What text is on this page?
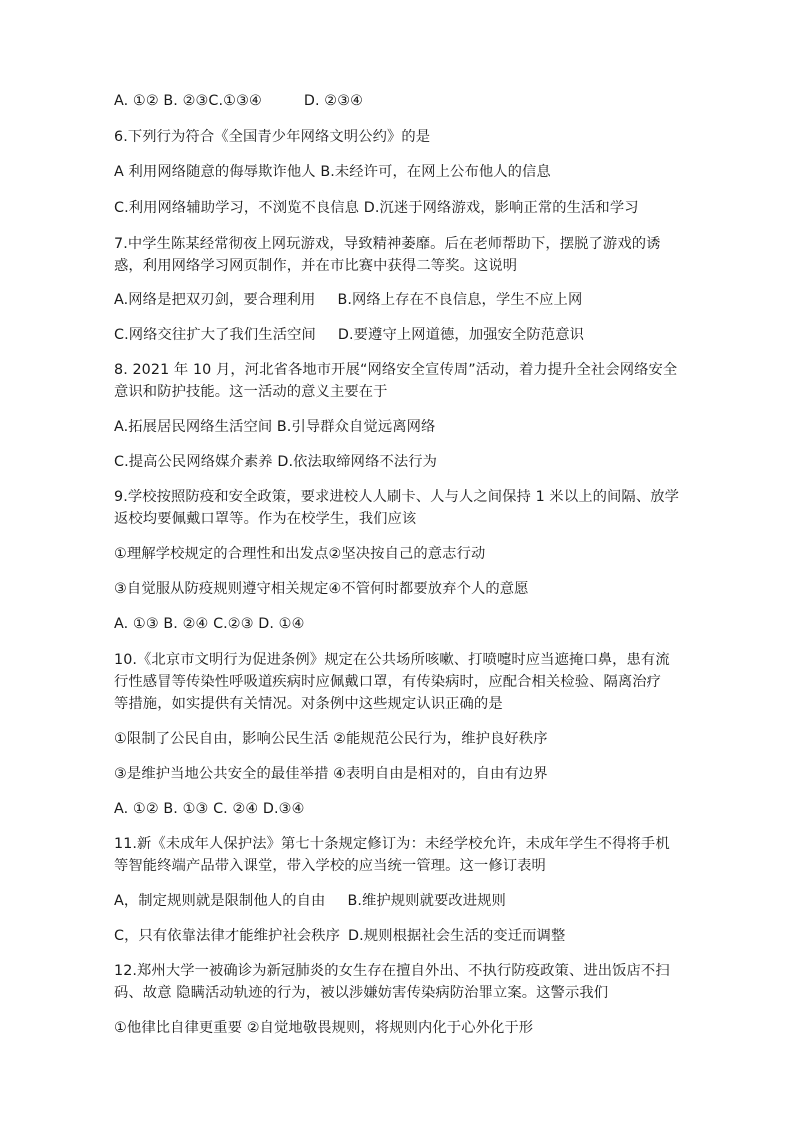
A. ①② B. ②③C.①③④	D. ②③④
6.下列行为符合《全国青少年网络文明公约》的是
A 利用网络随意的侮辱欺诈他人 B.未经许可，在网上公布他人的信息
C.利用网络辅助学习，不浏览不良信息 D.沉迷于网络游戏，影响正常的生活和学习
7.中学生陈某经常彻夜上网玩游戏，导致精神萎靡。后在老师帮助下，摆脱了游戏的诱
惑，利用网络学习网页制作，并在市比赛中获得二等奖。这说明
A.网络是把双刃剑，要合理利用 B.网络上存在不良信息，学生不应上网
C.网络交往扩大了我们生活空间 D.要遵守上网道德，加强安全防范意识
8. 2021 年 10 月，河北省各地市开展“网络安全宣传周”活动，着力提升全社会网络安全
意识和防护技能。这一活动的意义主要在于
A.拓展居民网络生活空间 B.引导群众自觉远离网络
C.提高公民网络媒介素养 D.依法取缔网络不法行为
9.学校按照防疫和安全政策，要求进校人人刷卡、人与人之间保持 1 米以上的间隔、放学
返校均要佩戴口罩等。作为在校学生，我们应该
①理解学校规定的合理性和出发点②坚决按自己的意志行动
③自觉服从防疫规则遵守相关规定④不管何时都要放弃个人的意愿
A. ①③ B. ②④ C.②③ D. ①④
10.《北京市文明行为促进条例》规定在公共场所咳嗽、打喷嚏时应当遮掩口鼻，患有流
行性感冒等传染性呼吸道疾病时应佩戴口罩，有传染病时，应配合相关检验、隔离治疗
等措施，如实提供有关情况。对条例中这些规定认识正确的是
①限制了公民自由，影响公民生活 ②能规范公民行为，维护良好秩序
③是维护当地公共安全的最佳举措 ④表明自由是相对的，自由有边界
A. ①② B. ①③ C. ②④ D.③④
11.新《未成年人保护法》第七十条规定修订为：未经学校允许，未成年学生不得将手机
等智能终端产品带入课堂，带入学校的应当统一管理。这一修订表明
A，制定规则就是限制他人的自由 B.维护规则就要改进规则
C，只有依靠法律才能维护社会秩序 D.规则根据社会生活的变迁而调整
12.郑州大学一被确诊为新冠肺炎的女生存在擅自外出、不执行防疫政策、进出饭店不扫
码、故意 隐瞒活动轨迹的行为，被以涉嫌妨害传染病防治罪立案。这警示我们
①他律比自律更重要 ②自觉地敬畏规则，将规则内化于心外化于形
